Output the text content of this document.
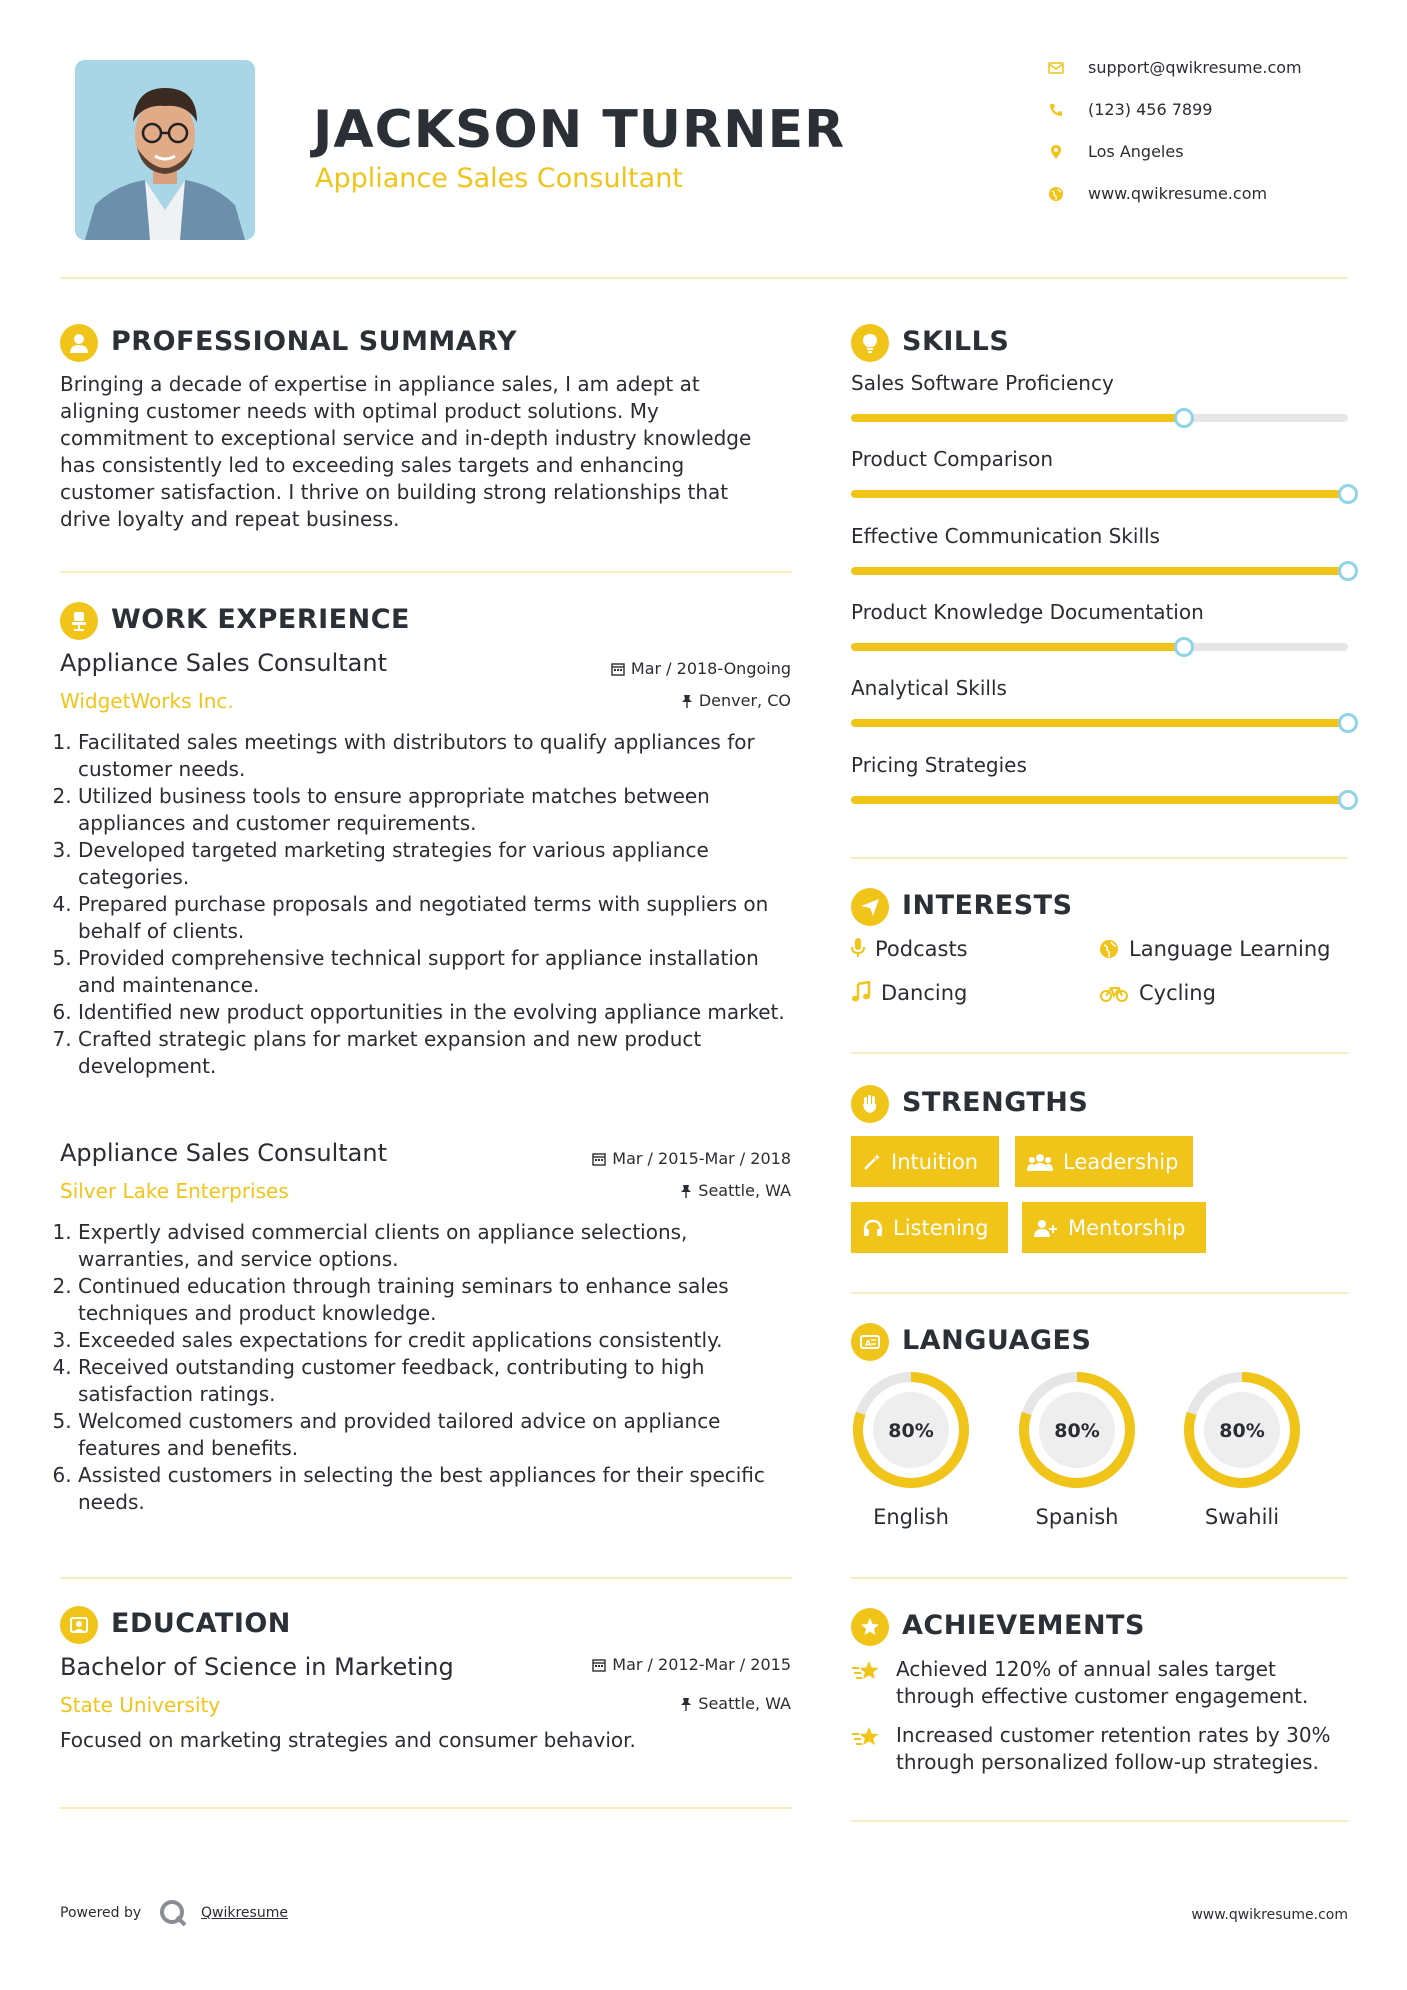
JACKSON TURNER
Appliance Sales Consultant
support@qwikresume.com
(123) 456 7899
Los Angeles
www.qwikresume.com
PROFESSIONAL SUMMARY
Bringing a decade of expertise in appliance sales, I am adept at aligning customer needs with optimal product solutions. My commitment to exceptional service and in-depth industry knowledge has consistently led to exceeding sales targets and enhancing customer satisfaction. I thrive on building strong relationships that drive loyalty and repeat business.
WORK EXPERIENCE
Appliance Sales Consultant
WidgetWorks Inc.
Mar / 2018-Ongoing
Denver, CO
1. Facilitated sales meetings with distributors to qualify appliances for customer needs.
2. Utilized business tools to ensure appropriate matches between appliances and customer requirements.
3. Developed targeted marketing strategies for various appliance categories.
4. Prepared purchase proposals and negotiated terms with suppliers on behalf of clients.
5. Provided comprehensive technical support for appliance installation and maintenance.
6. Identified new product opportunities in the evolving appliance market.
7. Crafted strategic plans for market expansion and new product development.
Appliance Sales Consultant
Silver Lake Enterprises
Mar / 2015-Mar / 2018
Seattle, WA
1. Expertly advised commercial clients on appliance selections, warranties, and service options.
2. Continued education through training seminars to enhance sales techniques and product knowledge.
3. Exceeded sales expectations for credit applications consistently.
4. Received outstanding customer feedback, contributing to high satisfaction ratings.
5. Welcomed customers and provided tailored advice on appliance features and benefits.
6. Assisted customers in selecting the best appliances for their specific needs.
EDUCATION
Bachelor of Science in Marketing
State University
Mar / 2012-Mar / 2015
Seattle, WA
Focused on marketing strategies and consumer behavior.
SKILLS
Sales Software Proficiency
Product Comparison
Effective Communication Skills
Product Knowledge Documentation
Analytical Skills
Pricing Strategies
INTERESTS
Podcasts	Language Learning
Dancing	Cycling
STRENGTHS
Intuition	Leadership
Listening	Mentorship
A LANGUAGES
80%
English
80%
Spanish
80%
Swahili
ACHIEVEMENTS
Achieved 120% of annual sales target through effective customer engagement.
Increased customer retention rates by 30% through personalized follow-up strategies.
Powered by	Qwikresume	www.qwikresume.com
